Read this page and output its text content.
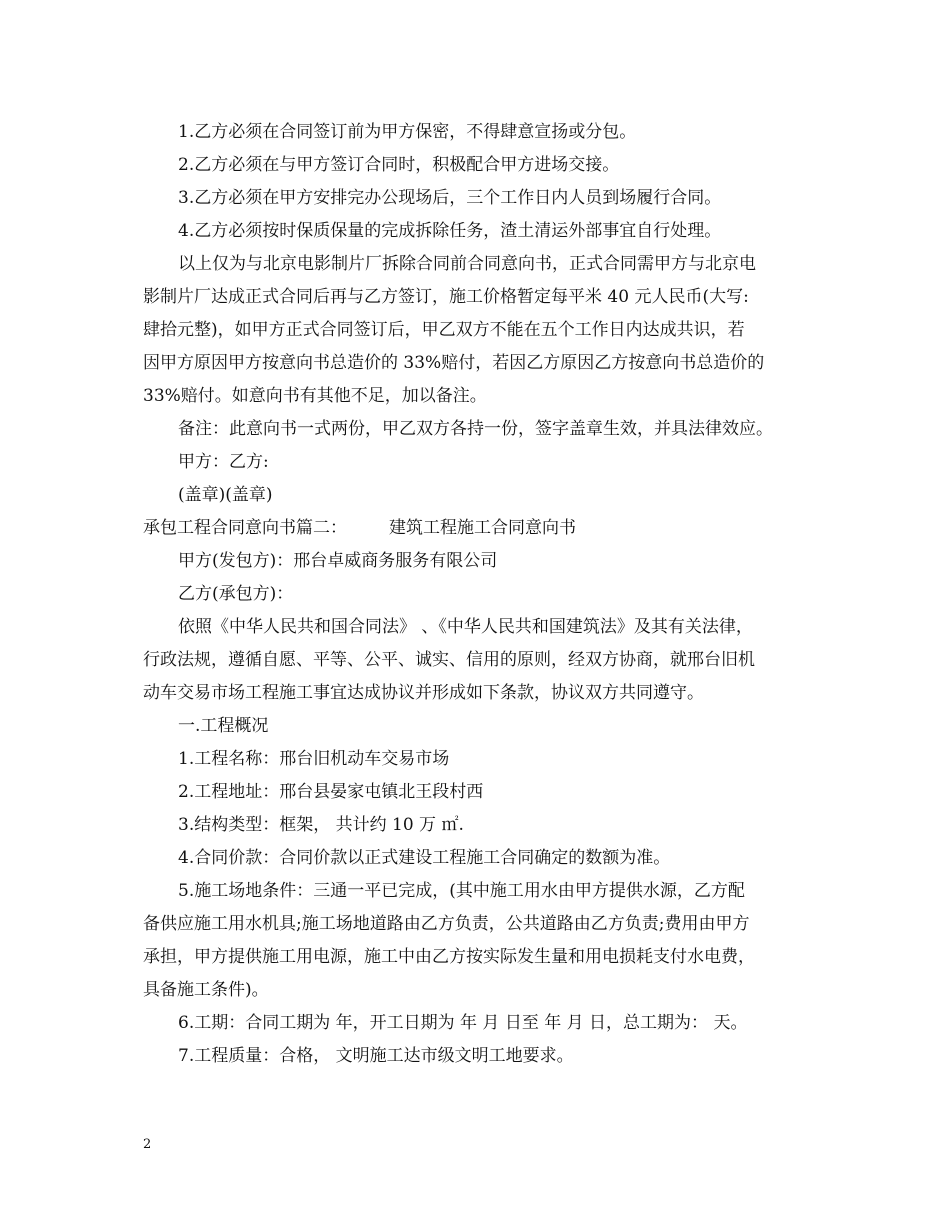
1.乙方必须在合同签订前为甲方保密，不得肆意宣扬或分包。
2.乙方必须在与甲方签订合同时，积极配合甲方进场交接。
3.乙方必须在甲方安排完办公现场后，三个工作日内人员到场履行合同。
4.乙方必须按时保质保量的完成拆除任务，渣土清运外部事宜自行处理。
以上仅为与北京电影制片厂拆除合同前合同意向书，正式合同需甲方与北京电
影制片厂达成正式合同后再与乙方签订，施工价格暂定每平米 40 元人民币(大写:
肆拾元整)，如甲方正式合同签订后，甲乙双方不能在五个工作日内达成共识，若
因甲方原因甲方按意向书总造价的 33%赔付，若因乙方原因乙方按意向书总造价的
33%赔付。如意向书有其他不足，加以备注。
备注：此意向书一式两份，甲乙双方各持一份，签字盖章生效，并具法律效应。
甲方：乙方:
(盖章)(盖章)
承包工程合同意向书篇二： 建筑工程施工合同意向书
甲方(发包方)：邢台卓威商务服务有限公司
乙方(承包方)：
依照《中华人民共和国合同法》 、《中华人民共和国建筑法》及其有关法律，
行政法规，遵循自愿、平等、公平、诚实、信用的原则，经双方协商，就邢台旧机
动车交易市场工程施工事宜达成协议并形成如下条款，协议双方共同遵守。
一.工程概况
1.工程名称：邢台旧机动车交易市场
2.工程地址：邢台县晏家屯镇北王段村西
3.结构类型：框架， 共计约 10 万 ㎡.
4.合同价款：合同价款以正式建设工程施工合同确定的数额为准。
5.施工场地条件：三通一平已完成，(其中施工用水由甲方提供水源，乙方配
备供应施工用水机具;施工场地道路由乙方负责，公共道路由乙方负责;费用由甲方
承担，甲方提供施工用电源，施工中由乙方按实际发生量和用电损耗支付水电费，
具备施工条件)。
6.工期：合同工期为 年，开工日期为 年 月 日至 年 月 日，总工期为： 天。
7.工程质量：合格， 文明施工达市级文明工地要求。
2
